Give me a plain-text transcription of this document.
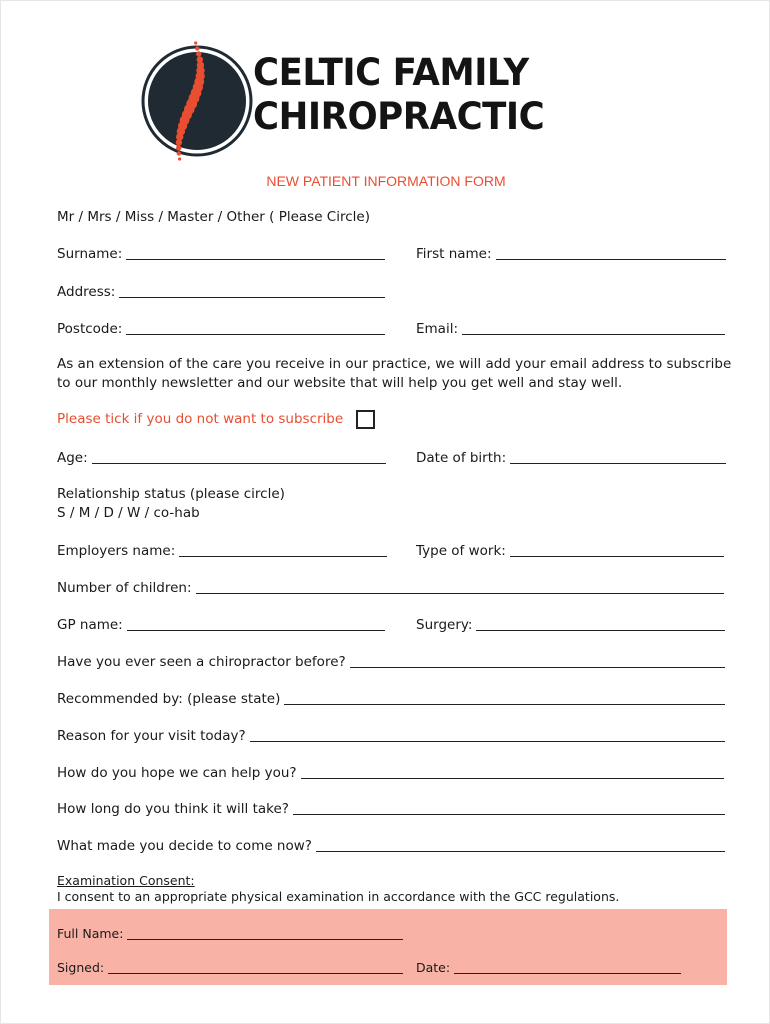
CELTIC FAMILY
CHIROPRACTIC
NEW PATIENT INFORMATION FORM
Mr / Mrs / Miss / Master / Other ( Please Circle)
Surname:	First name:
Address:
Postcode:	Email:
As an extension of the care you receive in our practice, we will add your email address to subscribe
to our monthly newsletter and our website that will help you get well and stay well.
Please tick if you do not want to subscribe
Age:	Date of birth:
Relationship status (please circle)
S / M / D / W / co-hab
Employers name:	Type of work:
Number of children:
GP name:	Surgery:
Have you ever seen a chiropractor before?
Recommended by: (please state)
Reason for your visit today?
How do you hope we can help you?
How long do you think it will take?
What made you decide to come now?
Examination Consent:
I consent to an appropriate physical examination in accordance with the GCC regulations.
Full Name:
Signed:	Date:
